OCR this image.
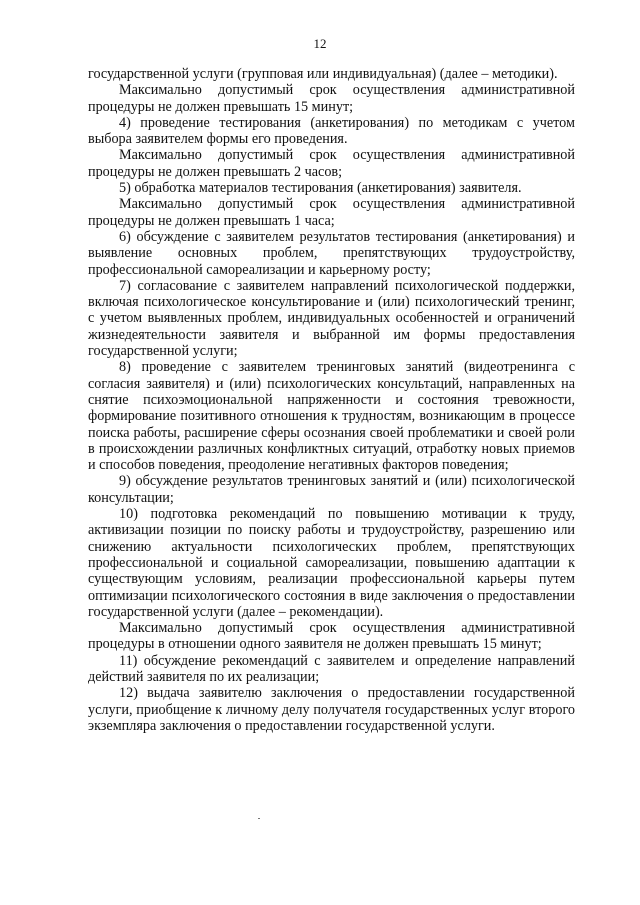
12

государственной услуги (групповая или индивидуальная) (далее – методики).

Максимально допустимый срок осуществления административной процедуры не должен превышать 15 минут;

4) проведение тестирования (анкетирования) по методикам с учетом выбора заявителем формы его проведения.

Максимально допустимый срок осуществления административной процедуры не должен превышать 2 часов;

5) обработка материалов тестирования (анкетирования) заявителя.

Максимально допустимый срок осуществления административной процедуры не должен превышать 1 часа;

6) обсуждение с заявителем результатов тестирования (анкетирования) и выявление основных проблем, препятствующих трудоустройству, профессиональной самореализации и карьерному росту;

7) согласование с заявителем направлений психологической поддержки, включая психологическое консультирование и (или) психологический тренинг, с учетом выявленных проблем, индивидуальных особенностей и ограничений жизнедеятельности заявителя и выбранной им формы предоставления государственной услуги;

8) проведение с заявителем тренинговых занятий (видеотренинга с согласия заявителя) и (или) психологических консультаций, направленных на снятие психоэмоциональной напряженности и состояния тревожности, формирование позитивного отношения к трудностям, возникающим в процессе поиска работы, расширение сферы осознания своей проблематики и своей роли в происхождении различных конфликтных ситуаций, отработку новых приемов и способов поведения, преодоление негативных факторов поведения;

9) обсуждение результатов тренинговых занятий и (или) психологической консультации;

10) подготовка рекомендаций по повышению мотивации к труду, активизации позиции по поиску работы и трудоустройству, разрешению или снижению актуальности психологических проблем, препятствующих профессиональной и социальной самореализации, повышению адаптации к существующим условиям, реализации профессиональной карьеры путем оптимизации психологического состояния в виде заключения о предоставлении государственной услуги (далее – рекомендации).

Максимально допустимый срок осуществления административной процедуры в отношении одного заявителя не должен превышать 15 минут;

11) обсуждение рекомендаций с заявителем и определение направлений действий заявителя по их реализации;

12) выдача заявителю заключения о предоставлении государственной услуги, приобщение к личному делу получателя государственных услуг второго экземпляра заключения о предоставлении государственной услуги.
